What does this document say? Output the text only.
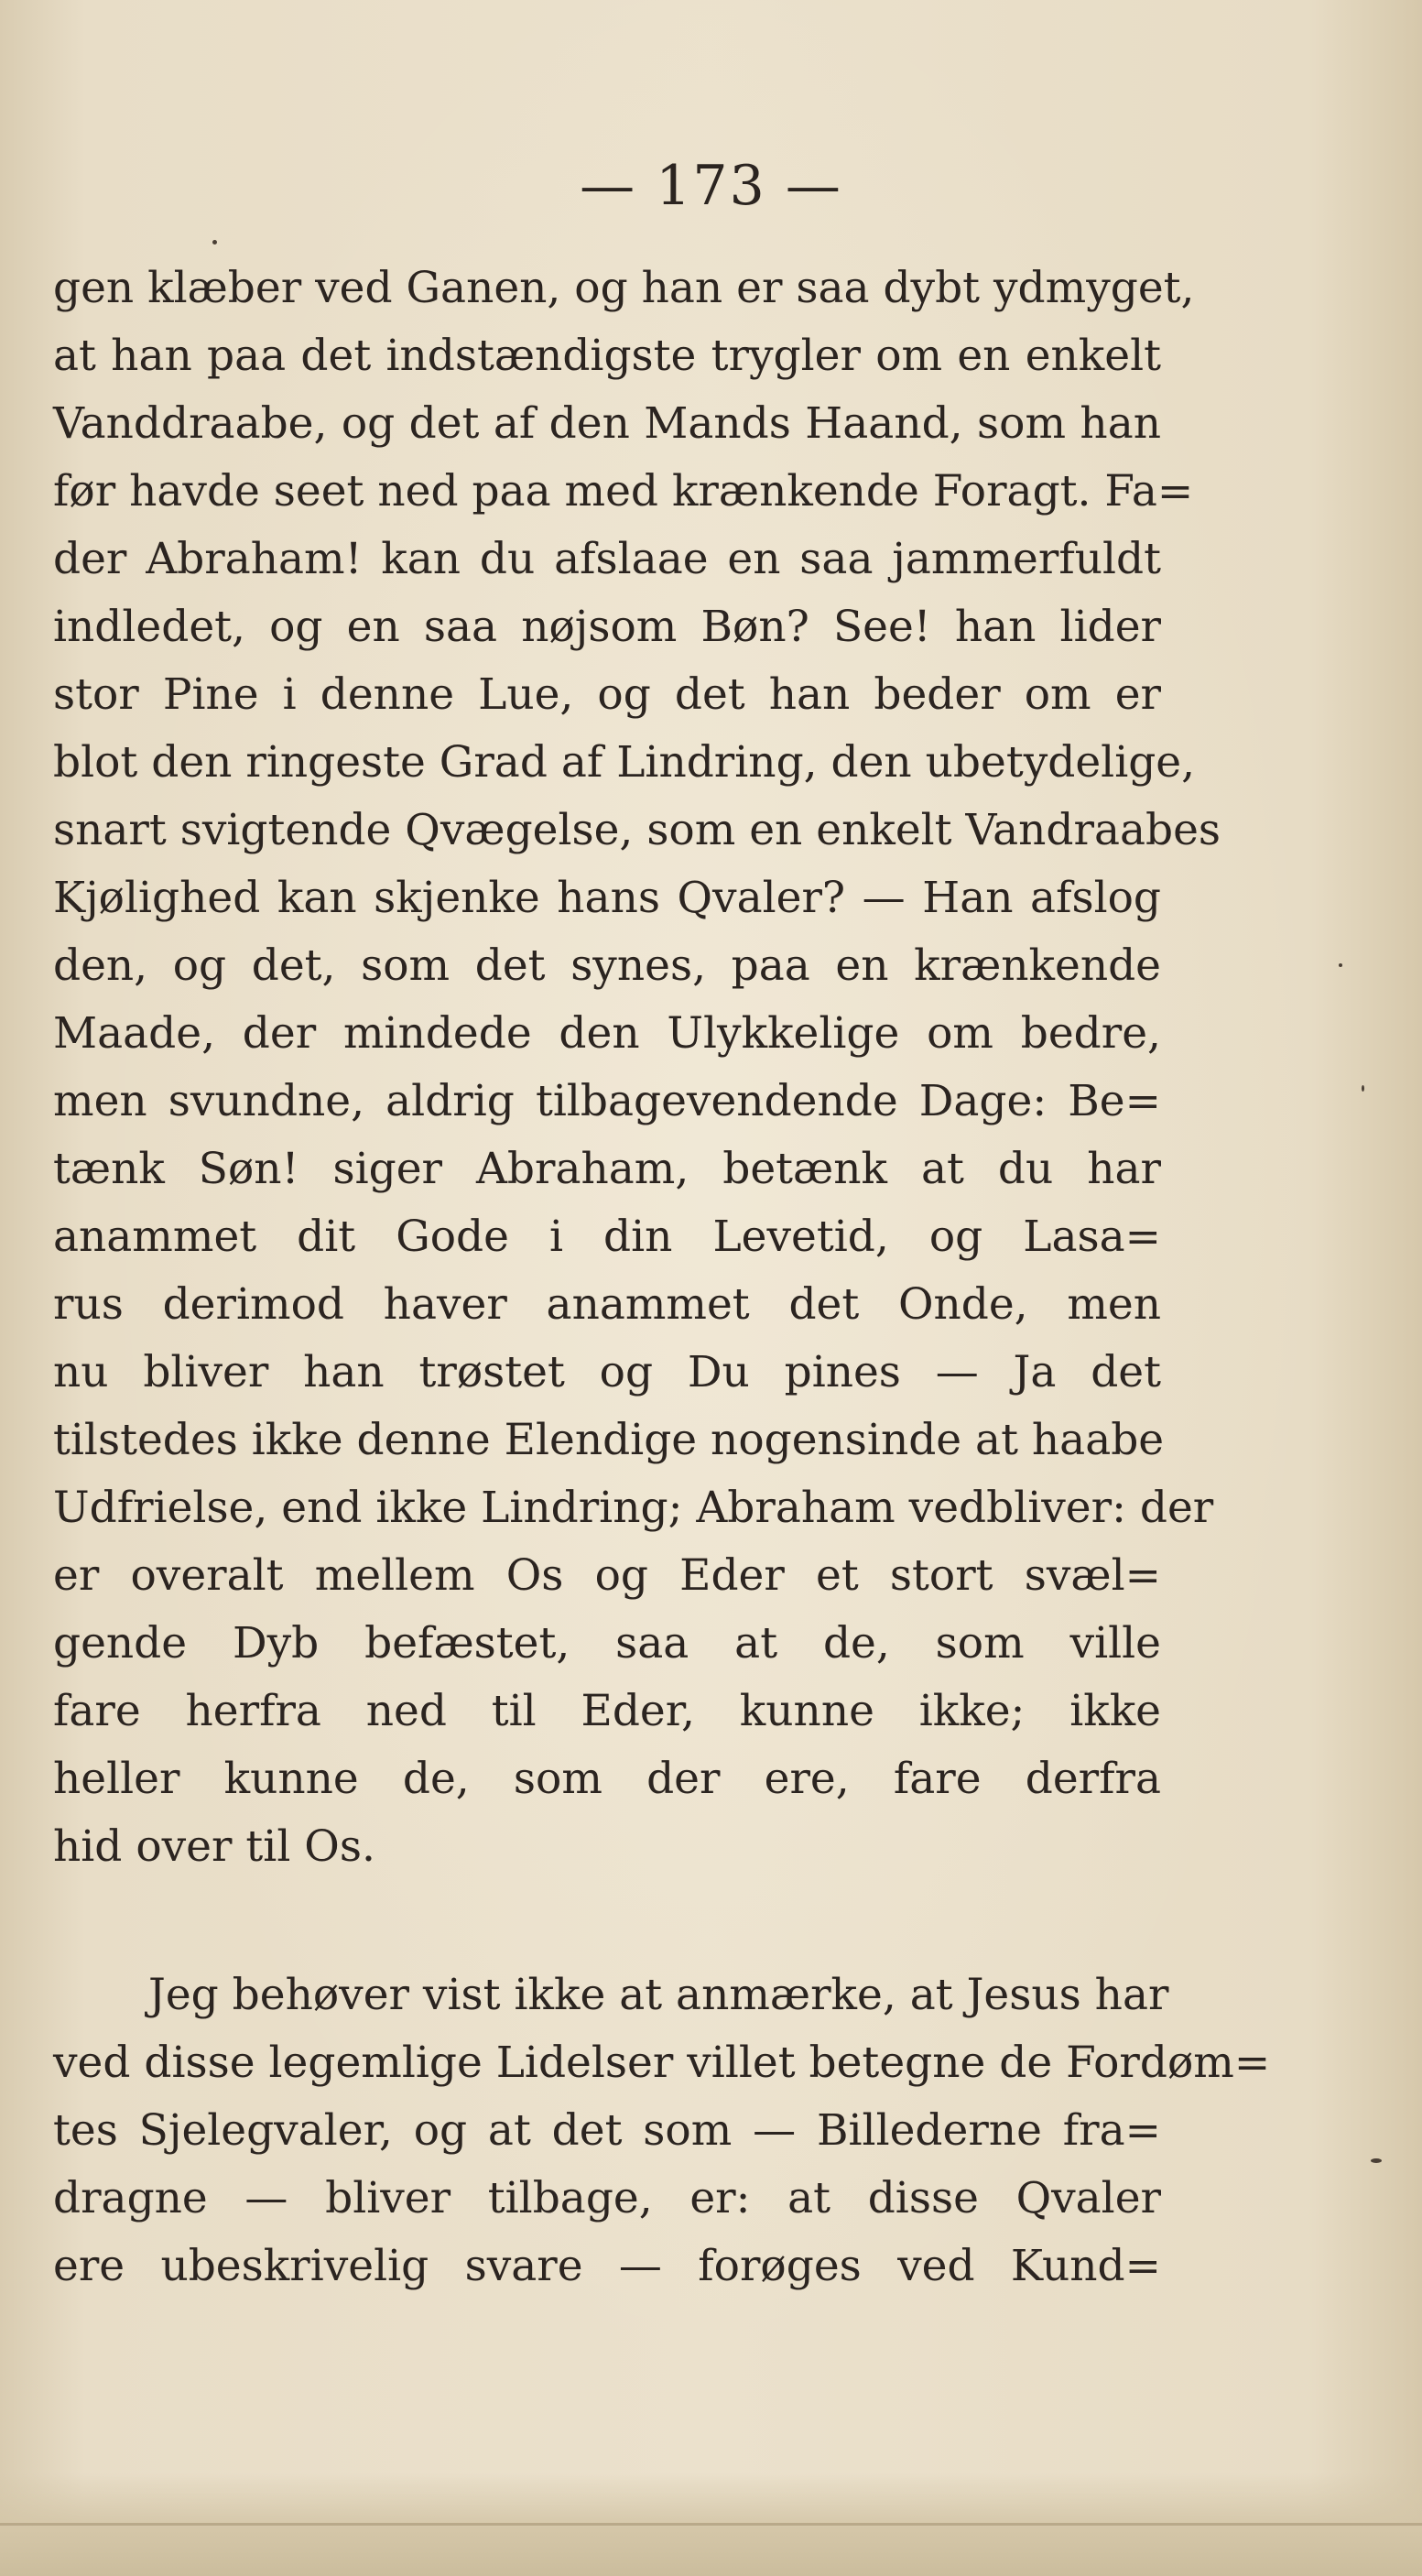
— 173 —
gen klæber ved Ganen, og han er saa dybt ydmyget,
at han paa det indstændigste trygler om en enkelt
Vanddraabe, og det af den Mands Haand, som han
før havde seet ned paa med krænkende Foragt. Fa=
der Abraham! kan du afslaae en saa jammerfuldt
indledet, og en saa nøjsom Bøn? See! han lider
stor Pine i denne Lue, og det han beder om er
blot den ringeste Grad af Lindring, den ubetydelige,
snart svigtende Qvægelse, som en enkelt Vandraabes
Kjølighed kan skjenke hans Qvaler? — Han afslog
den, og det, som det synes, paa en krænkende
Maade, der mindede den Ulykkelige om bedre,
men svundne, aldrig tilbagevendende Dage: Be=
tænk Søn! siger Abraham, betænk at du har
anammet dit Gode i din Levetid, og Lasa=
rus derimod haver anammet det Onde, men
nu bliver han trøstet og Du pines — Ja det
tilstedes ikke denne Elendige nogensinde at haabe
Udfrielse, end ikke Lindring; Abraham vedbliver: der
er overalt mellem Os og Eder et stort svæl=
gende Dyb befæstet, saa at de, som ville
fare herfra ned til Eder, kunne ikke; ikke
heller kunne de, som der ere, fare derfra
hid over til Os.
Jeg behøver vist ikke at anmærke, at Jesus har
ved disse legemlige Lidelser villet betegne de Fordøm=
tes Sjelegvaler, og at det som — Billederne fra=
dragne — bliver tilbage, er: at disse Qvaler
ere ubeskrivelig svare — forøges ved Kund=
